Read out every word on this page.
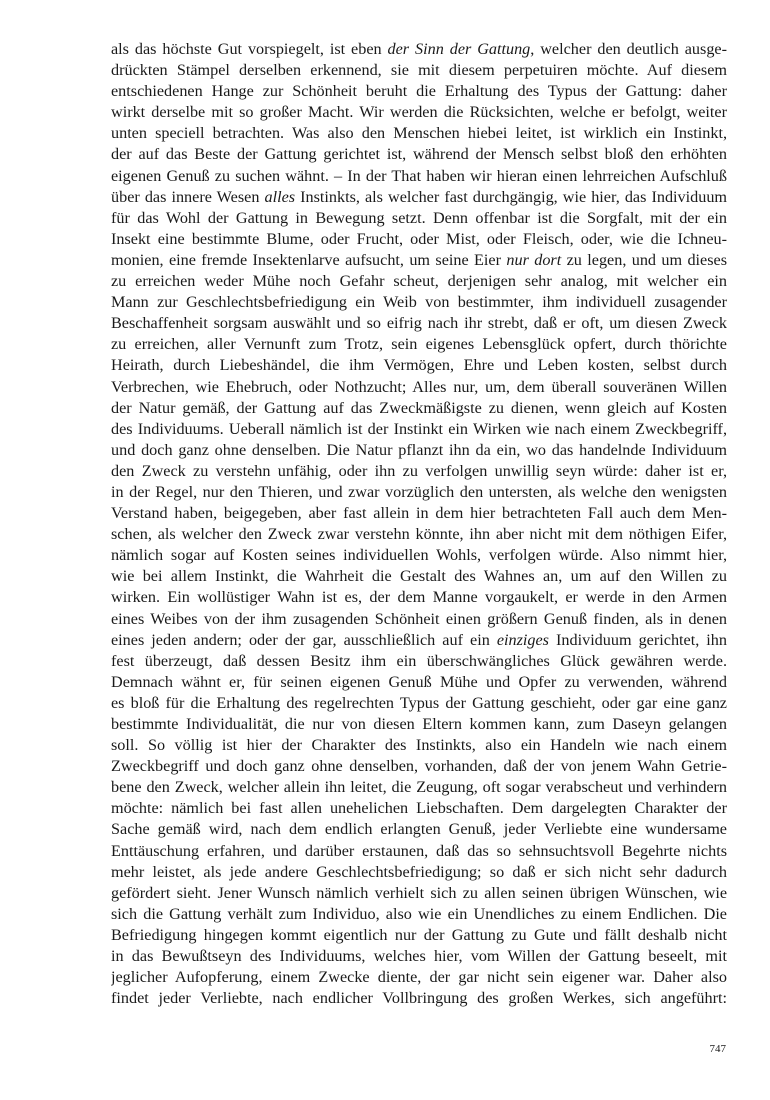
als das höchste Gut vorspiegelt, ist eben der Sinn der Gattung, welcher den deutlich ausge-
drückten Stämpel derselben erkennend, sie mit diesem perpetuiren möchte. Auf diesem
entschiedenen Hange zur Schönheit beruht die Erhaltung des Typus der Gattung: daher
wirkt derselbe mit so großer Macht. Wir werden die Rücksichten, welche er befolgt, weiter
unten speciell betrachten. Was also den Menschen hiebei leitet, ist wirklich ein Instinkt,
der auf das Beste der Gattung gerichtet ist, während der Mensch selbst bloß den erhöhten
eigenen Genuß zu suchen wähnt. – In der That haben wir hieran einen lehrreichen Aufschluß
über das innere Wesen alles Instinkts, als welcher fast durchgängig, wie hier, das Individuum
für das Wohl der Gattung in Bewegung setzt. Denn offenbar ist die Sorgfalt, mit der ein
Insekt eine bestimmte Blume, oder Frucht, oder Mist, oder Fleisch, oder, wie die Ichneu-
monien, eine fremde Insektenlarve aufsucht, um seine Eier nur dort zu legen, und um dieses
zu erreichen weder Mühe noch Gefahr scheut, derjenigen sehr analog, mit welcher ein
Mann zur Geschlechtsbefriedigung ein Weib von bestimmter, ihm individuell zusagender
Beschaffenheit sorgsam auswählt und so eifrig nach ihr strebt, daß er oft, um diesen Zweck
zu erreichen, aller Vernunft zum Trotz, sein eigenes Lebensglück opfert, durch thörichte
Heirath, durch Liebeshändel, die ihm Vermögen, Ehre und Leben kosten, selbst durch
Verbrechen, wie Ehebruch, oder Nothzucht; Alles nur, um, dem überall souveränen Willen
der Natur gemäß, der Gattung auf das Zweckmäßigste zu dienen, wenn gleich auf Kosten
des Individuums. Ueberall nämlich ist der Instinkt ein Wirken wie nach einem Zweckbegriff,
und doch ganz ohne denselben. Die Natur pflanzt ihn da ein, wo das handelnde Individuum
den Zweck zu verstehn unfähig, oder ihn zu verfolgen unwillig seyn würde: daher ist er,
in der Regel, nur den Thieren, und zwar vorzüglich den untersten, als welche den wenigsten
Verstand haben, beigegeben, aber fast allein in dem hier betrachteten Fall auch dem Men-
schen, als welcher den Zweck zwar verstehn könnte, ihn aber nicht mit dem nöthigen Eifer,
nämlich sogar auf Kosten seines individuellen Wohls, verfolgen würde. Also nimmt hier,
wie bei allem Instinkt, die Wahrheit die Gestalt des Wahnes an, um auf den Willen zu
wirken. Ein wollüstiger Wahn ist es, der dem Manne vorgaukelt, er werde in den Armen
eines Weibes von der ihm zusagenden Schönheit einen größern Genuß finden, als in denen
eines jeden andern; oder der gar, ausschließlich auf ein einziges Individuum gerichtet, ihn
fest überzeugt, daß dessen Besitz ihm ein überschwängliches Glück gewähren werde.
Demnach wähnt er, für seinen eigenen Genuß Mühe und Opfer zu verwenden, während
es bloß für die Erhaltung des regelrechten Typus der Gattung geschieht, oder gar eine ganz
bestimmte Individualität, die nur von diesen Eltern kommen kann, zum Daseyn gelangen
soll. So völlig ist hier der Charakter des Instinkts, also ein Handeln wie nach einem
Zweckbegriff und doch ganz ohne denselben, vorhanden, daß der von jenem Wahn Getrie-
bene den Zweck, welcher allein ihn leitet, die Zeugung, oft sogar verabscheut und verhindern
möchte: nämlich bei fast allen unehelichen Liebschaften. Dem dargelegten Charakter der
Sache gemäß wird, nach dem endlich erlangten Genuß, jeder Verliebte eine wundersame
Enttäuschung erfahren, und darüber erstaunen, daß das so sehnsuchtsvoll Begehrte nichts
mehr leistet, als jede andere Geschlechtsbefriedigung; so daß er sich nicht sehr dadurch
gefördert sieht. Jener Wunsch nämlich verhielt sich zu allen seinen übrigen Wünschen, wie
sich die Gattung verhält zum Individuo, also wie ein Unendliches zu einem Endlichen. Die
Befriedigung hingegen kommt eigentlich nur der Gattung zu Gute und fällt deshalb nicht
in das Bewußtseyn des Individuums, welches hier, vom Willen der Gattung beseelt, mit
jeglicher Aufopferung, einem Zwecke diente, der gar nicht sein eigener war. Daher also
findet jeder Verliebte, nach endlicher Vollbringung des großen Werkes, sich angeführt:
747
